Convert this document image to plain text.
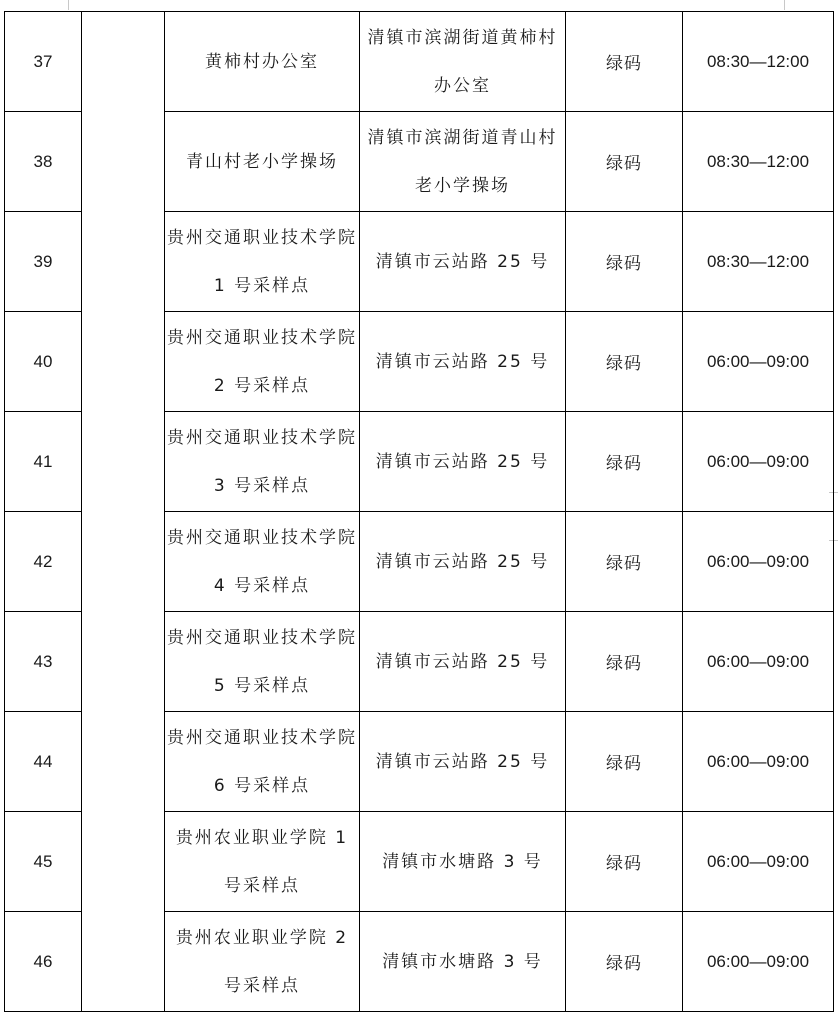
37		黄柿村办公室	清镇市滨湖街道黄柿村办公室	绿码	08:30—12:00
38		青山村老小学操场	清镇市滨湖街道青山村老小学操场	绿码	08:30—12:00
39		贵州交通职业技术学院 1 号采样点	清镇市云站路 25 号	绿码	08:30—12:00
40		贵州交通职业技术学院 2 号采样点	清镇市云站路 25 号	绿码	06:00—09:00
41		贵州交通职业技术学院 3 号采样点	清镇市云站路 25 号	绿码	06:00—09:00
42		贵州交通职业技术学院 4 号采样点	清镇市云站路 25 号	绿码	06:00—09:00
43		贵州交通职业技术学院 5 号采样点	清镇市云站路 25 号	绿码	06:00—09:00
44		贵州交通职业技术学院 6 号采样点	清镇市云站路 25 号	绿码	06:00—09:00
45		贵州农业职业学院 1 号采样点	清镇市水塘路 3 号	绿码	06:00—09:00
46		贵州农业职业学院 2 号采样点	清镇市水塘路 3 号	绿码	06:00—09:00
